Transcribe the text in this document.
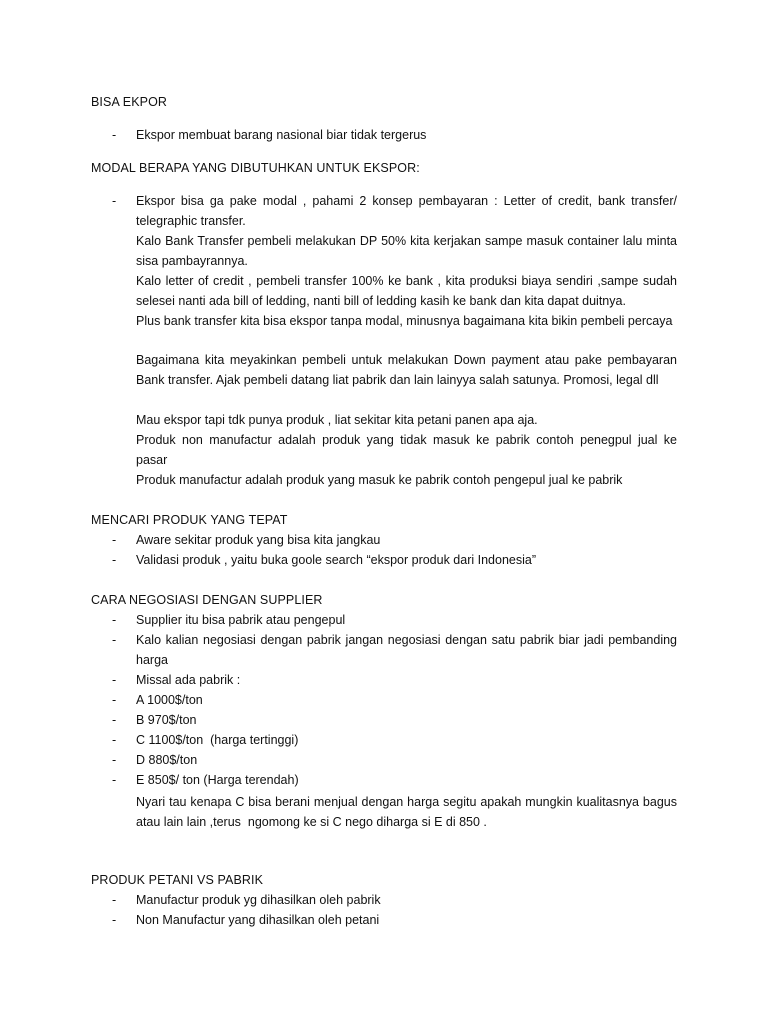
BISA EKPOR
- Ekspor membuat barang nasional biar tidak tergerus
MODAL BERAPA YANG DIBUTUHKAN UNTUK EKSPOR:
- Ekspor bisa ga pake modal , pahami 2 konsep pembayaran : Letter of credit, bank transfer/
telegraphic transfer.
Kalo Bank Transfer pembeli melakukan DP 50% kita kerjakan sampe masuk container lalu minta
sisa pambayrannya.
Kalo letter of credit , pembeli transfer 100% ke bank , kita produksi biaya sendiri ,sampe sudah
selesei nanti ada bill of ledding, nanti bill of ledding kasih ke bank dan kita dapat duitnya.
Plus bank transfer kita bisa ekspor tanpa modal, minusnya bagaimana kita bikin pembeli percaya
Bagaimana kita meyakinkan pembeli untuk melakukan Down payment atau pake pembayaran
Bank transfer. Ajak pembeli datang liat pabrik dan lain lainyya salah satunya. Promosi, legal dll
Mau ekspor tapi tdk punya produk , liat sekitar kita petani panen apa aja.
Produk non manufactur adalah produk yang tidak masuk ke pabrik contoh penegpul jual ke
pasar
Produk manufactur adalah produk yang masuk ke pabrik contoh pengepul jual ke pabrik
MENCARI PRODUK YANG TEPAT
- Aware sekitar produk yang bisa kita jangkau
- Validasi produk , yaitu buka goole search “ekspor produk dari Indonesia”
CARA NEGOSIASI DENGAN SUPPLIER
- Supplier itu bisa pabrik atau pengepul
- Kalo kalian negosiasi dengan pabrik jangan negosiasi dengan satu pabrik biar jadi pembanding
harga
- Missal ada pabrik :
- A 1000$/ton
- B 970$/ton
- C 1100$/ton  (harga tertinggi)
- D 880$/ton
- E 850$/ ton (Harga terendah)
Nyari tau kenapa C bisa berani menjual dengan harga segitu apakah mungkin kualitasnya bagus
atau lain lain ,terus  ngomong ke si C nego diharga si E di 850 .
PRODUK PETANI VS PABRIK
- Manufactur produk yg dihasilkan oleh pabrik
- Non Manufactur yang dihasilkan oleh petani
